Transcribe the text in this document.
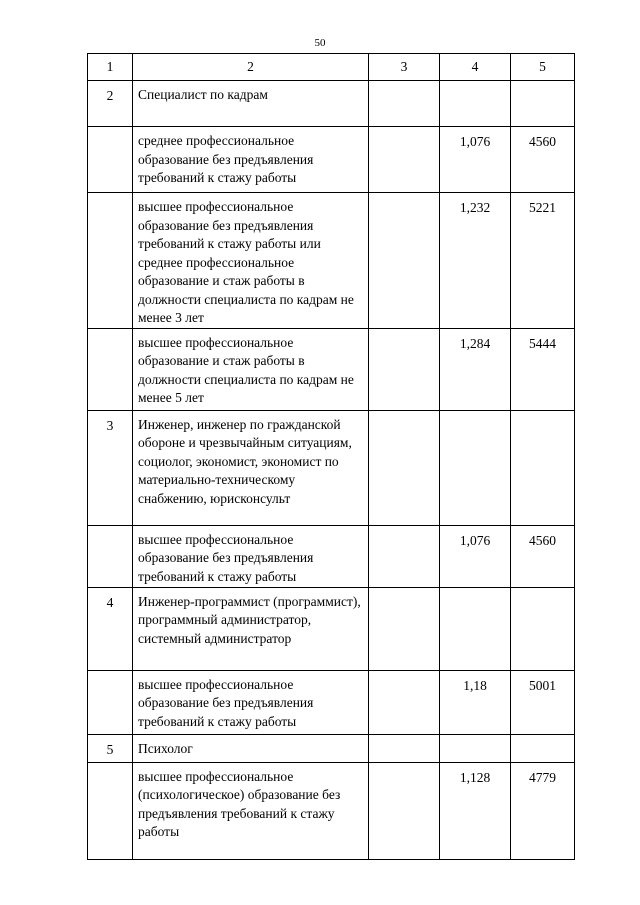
50
1	2	3	4	5
2	Специалист по кадрам			
	среднее профессиональное образование без предъявления требований к стажу работы		1,076	4560
	высшее профессиональное образование без предъявления требований к стажу работы или среднее профессиональное образование и стаж работы в должности специалиста по кадрам не менее 3 лет		1,232	5221
	высшее профессиональное образование и стаж работы в должности специалиста по кадрам не менее 5 лет		1,284	5444
3	Инженер, инженер по гражданской обороне и чрезвычайным ситуациям, социолог, экономист, экономист по материально-техническому снабжению, юрисконсульт			
	высшее профессиональное образование без предъявления требований к стажу работы		1,076	4560
4	Инженер-программист (программист), программный администратор, системный администратор			
	высшее профессиональное образование без предъявления требований к стажу работы		1,18	5001
5	Психолог			
	высшее профессиональное (психологическое) образование без предъявления требований к стажу работы		1,128	4779
